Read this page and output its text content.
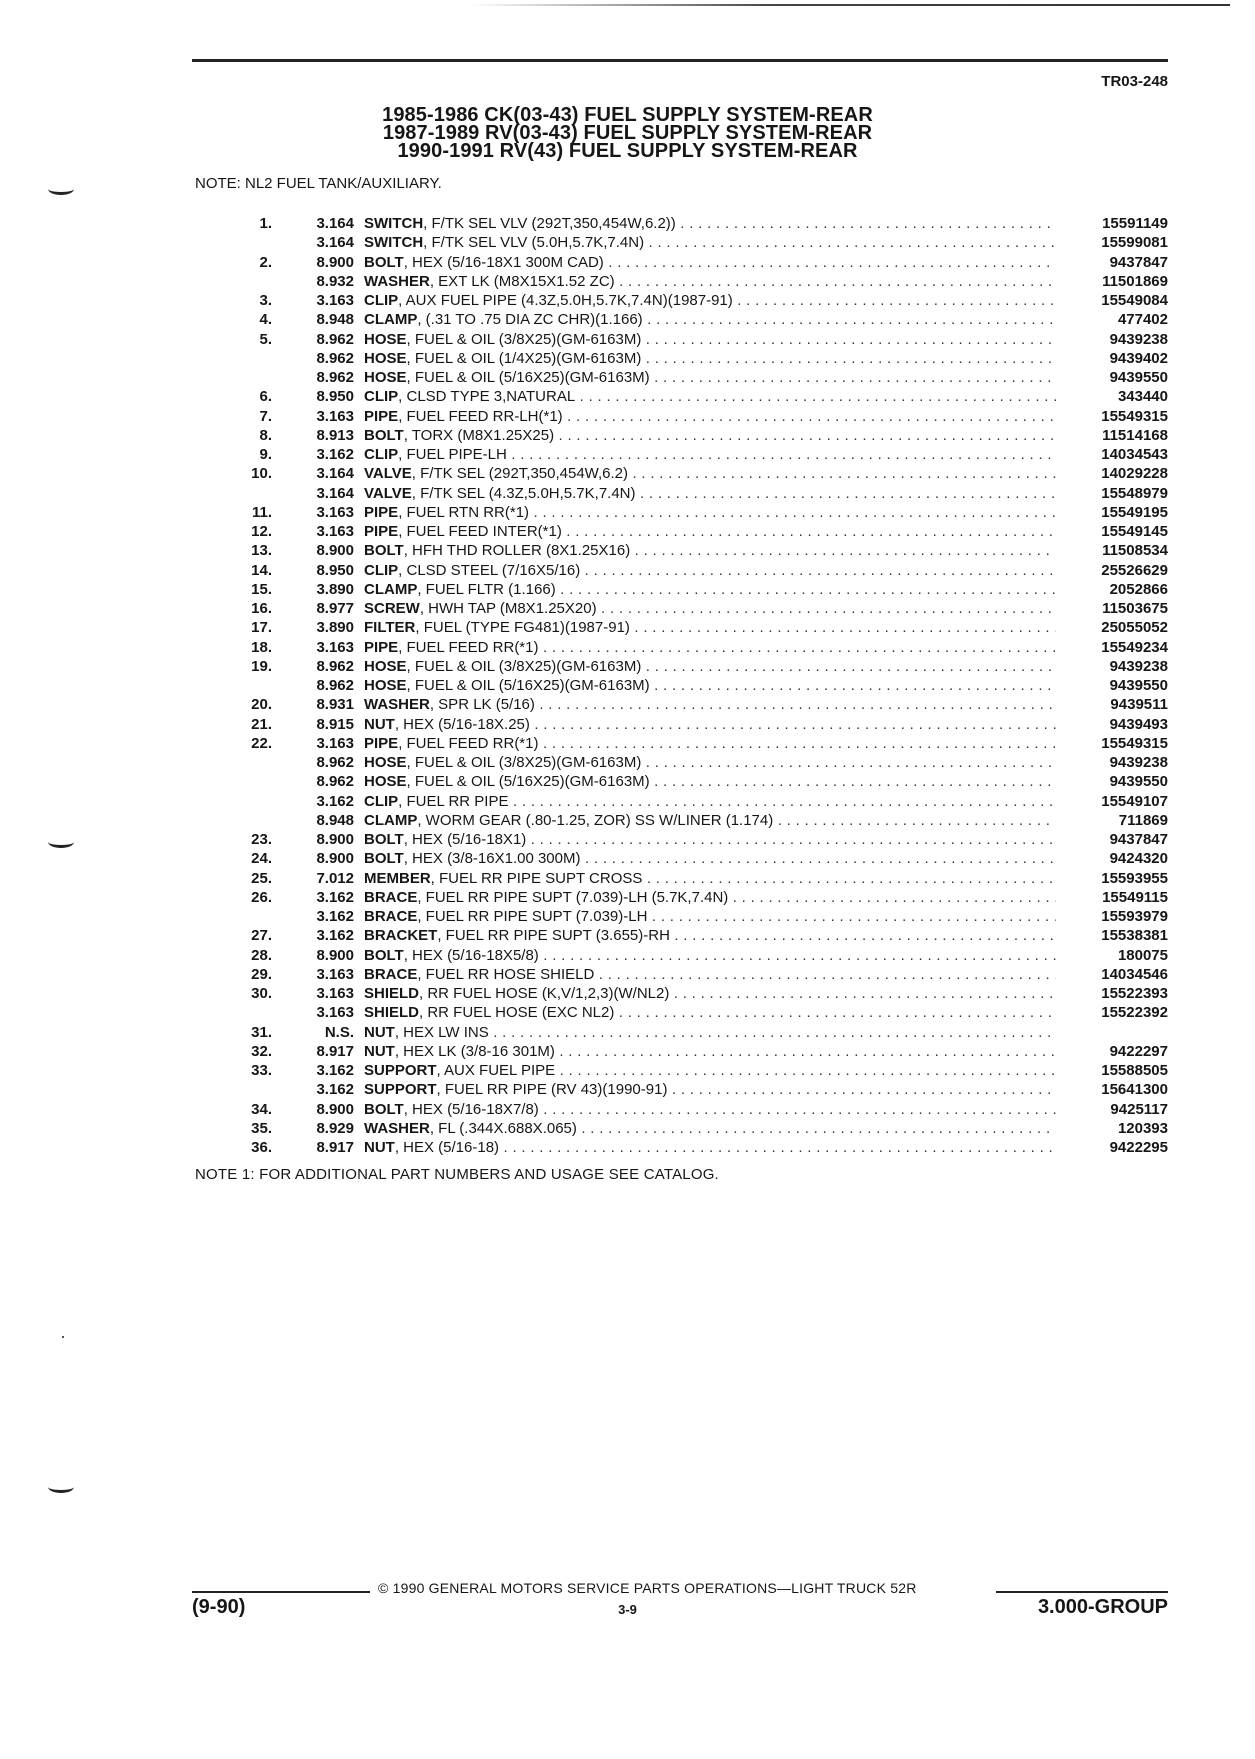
TR03-248
1985-1986 CK(03-43) FUEL SUPPLY SYSTEM-REAR
1987-1989 RV(03-43) FUEL SUPPLY SYSTEM-REAR
1990-1991 RV(43) FUEL SUPPLY SYSTEM-REAR
NOTE: NL2 FUEL TANK/AUXILIARY.
1.	3.164 SWITCH, F/TK SEL VLV (292T,350,454W,6.2)) . . .	15591149
3.164 SWITCH, F/TK SEL VLV (5.0H,5.7K,7.4N) . . .	15599081
2.	8.900 BOLT, HEX (5/16-18X1 300M CAD) . . .	9437847
8.932 WASHER, EXT LK (M8X15X1.52 ZC) . . .	11501869
3.	3.163 CLIP, AUX FUEL PIPE (4.3Z,5.0H,5.7K,7.4N)(1987-91) . . .	15549084
4.	8.948 CLAMP, (.31 TO .75 DIA ZC CHR)(1.166) . . .	477402
5.	8.962 HOSE, FUEL & OIL (3/8X25)(GM-6163M) . . .	9439238
8.962 HOSE, FUEL & OIL (1/4X25)(GM-6163M) . . .	9439402
8.962 HOSE, FUEL & OIL (5/16X25)(GM-6163M) . . .	9439550
6.	8.950 CLIP, CLSD TYPE 3,NATURAL . . .	343440
7.	3.163 PIPE, FUEL FEED RR-LH(*1) . . .	15549315
8.	8.913 BOLT, TORX (M8X1.25X25) . . .	11514168
9.	3.162 CLIP, FUEL PIPE-LH . . .	14034543
10.	3.164 VALVE, F/TK SEL (292T,350,454W,6.2) . . .	14029228
3.164 VALVE, F/TK SEL (4.3Z,5.0H,5.7K,7.4N) . . .	15548979
11.	3.163 PIPE, FUEL RTN RR(*1) . . .	15549195
12.	3.163 PIPE, FUEL FEED INTER(*1) . . .	15549145
13.	8.900 BOLT, HFH THD ROLLER (8X1.25X16) . . .	11508534
14.	8.950 CLIP, CLSD STEEL (7/16X5/16) . . .	25526629
15.	3.890 CLAMP, FUEL FLTR (1.166) . . .	2052866
16.	8.977 SCREW, HWH TAP (M8X1.25X20) . . .	11503675
17.	3.890 FILTER, FUEL (TYPE FG481)(1987-91) . . .	25055052
18.	3.163 PIPE, FUEL FEED RR(*1) . . .	15549234
19.	8.962 HOSE, FUEL & OIL (3/8X25)(GM-6163M) . . .	9439238
8.962 HOSE, FUEL & OIL (5/16X25)(GM-6163M) . . .	9439550
20.	8.931 WASHER, SPR LK (5/16) . . .	9439511
21.	8.915 NUT, HEX (5/16-18X.25) . . .	9439493
22.	3.163 PIPE, FUEL FEED RR(*1) . . .	15549315
8.962 HOSE, FUEL & OIL (3/8X25)(GM-6163M) . . .	9439238
8.962 HOSE, FUEL & OIL (5/16X25)(GM-6163M) . . .	9439550
3.162 CLIP, FUEL RR PIPE . . .	15549107
8.948 CLAMP, WORM GEAR (.80-1.25, ZOR) SS W/LINER (1.174) . . .	711869
23.	8.900 BOLT, HEX (5/16-18X1) . . .	9437847
24.	8.900 BOLT, HEX (3/8-16X1.00 300M) . . .	9424320
25.	7.012 MEMBER, FUEL RR PIPE SUPT CROSS . . .	15593955
26.	3.162 BRACE, FUEL RR PIPE SUPT (7.039)-LH (5.7K,7.4N) . . .	15549115
3.162 BRACE, FUEL RR PIPE SUPT (7.039)-LH . . .	15593979
27.	3.162 BRACKET, FUEL RR PIPE SUPT (3.655)-RH . . .	15538381
28.	8.900 BOLT, HEX (5/16-18X5/8) . . .	180075
29.	3.163 BRACE, FUEL RR HOSE SHIELD . . .	14034546
30.	3.163 SHIELD, RR FUEL HOSE (K,V/1,2,3)(W/NL2) . . .	15522393
3.163 SHIELD, RR FUEL HOSE (EXC NL2) . . .	15522392
31.	N.S. NUT, HEX LW INS . . .
32.	8.917 NUT, HEX LK (3/8-16 301M) . . .	9422297
33.	3.162 SUPPORT, AUX FUEL PIPE . . .	15588505
3.162 SUPPORT, FUEL RR PIPE (RV 43)(1990-91) . . .	15641300
34.	8.900 BOLT, HEX (5/16-18X7/8) . . .	9425117
35.	8.929 WASHER, FL (.344X.688X.065) . . .	120393
36.	8.917 NUT, HEX (5/16-18) . . .	9422295
NOTE 1: FOR ADDITIONAL PART NUMBERS AND USAGE SEE CATALOG.
© 1990 GENERAL MOTORS SERVICE PARTS OPERATIONS—LIGHT TRUCK 52R
(9-90)	3-9	3.000-GROUP
